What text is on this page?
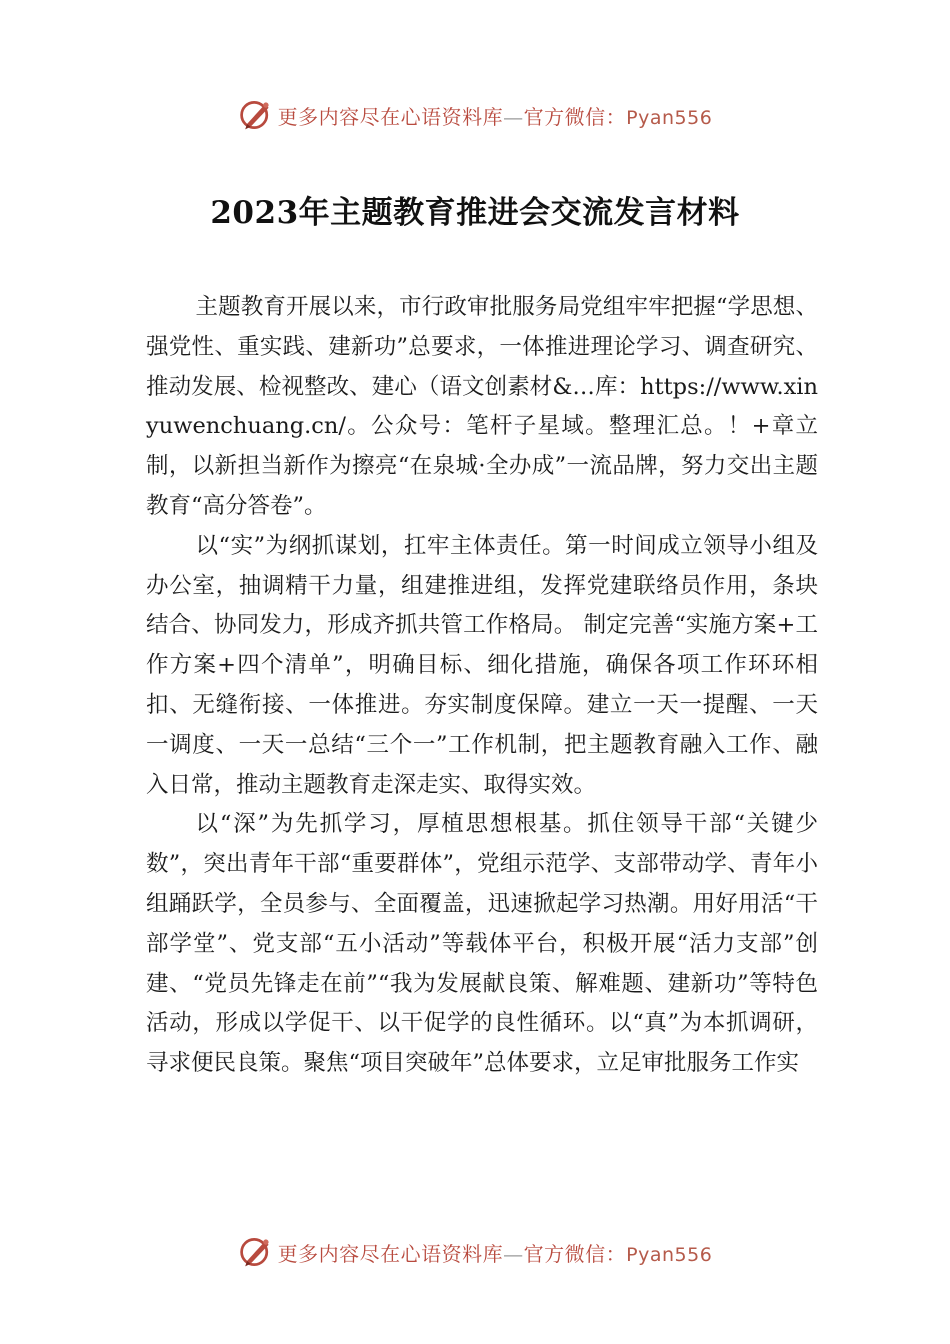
更多内容尽在心语资料库—官方微信：Pyan556
2023年主题教育推进会交流发言材料

主题教育开展以来，市行政审批服务局党组牢牢把握“学思想、强党性、重实践、建新功”总要求，一体推进理论学习、调查研究、推动发展、检视整改、建心（语文创素材&…库：https://www.xinyuwenchuang.cn/。公众号：笔杆子星域。整理汇总。！+章立制，以新担当新作为擦亮“在泉城·全办成”一流品牌，努力交出主题教育“高分答卷”。

以“实”为纲抓谋划，扛牢主体责任。第一时间成立领导小组及办公室，抽调精干力量，组建推进组，发挥党建联络员作用，条块结合、协同发力，形成齐抓共管工作格局。 制定完善“实施方案+工作方案+四个清单”，明确目标、细化措施，确保各项工作环环相扣、无缝衔接、一体推进。夯实制度保障。建立一天一提醒、一天一调度、一天一总结“三个一”工作机制，把主题教育融入工作、融入日常，推动主题教育走深走实、取得实效。

以“深”为先抓学习，厚植思想根基。抓住领导干部“关键少数”，突出青年干部“重要群体”，党组示范学、支部带动学、青年小组踊跃学，全员参与、全面覆盖，迅速掀起学习热潮。用好用活“干部学堂”、党支部“五小活动”等载体平台，积极开展“活力支部”创建、“党员先锋走在前”“我为发展献良策、解难题、建新功”等特色活动，形成以学促干、以干促学的良性循环。以“真”为本抓调研，寻求便民良策。聚焦“项目突破年”总体要求，立足审批服务工作实

更多内容尽在心语资料库—官方微信：Pyan556
